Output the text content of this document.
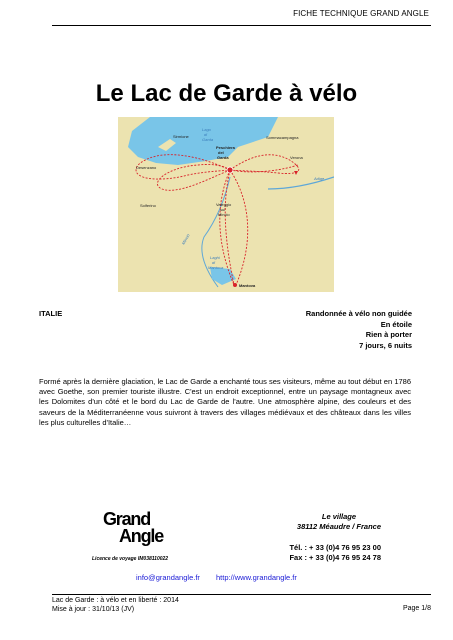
FICHE TECHNIQUE GRAND ANGLE
Le Lac de Garde à vélo
Sirmione
Lago
di
Garda
Peschiera
del
Garda
Desenzano
Sommacampagna
Verona
Adige
Solferino	Valeggio
sul
Mincio
Mincio
Laghi
di
Mantova
Mantova
ITALIE	Randonnée à vélo non guidée
En étoile
Rien à porter
7 jours, 6 nuits

Formé après la dernière glaciation, le Lac de Garde a enchanté tous ses visiteurs, même au tout début en 1786 avec Goethe, son premier touriste illustre. C'est un endroit exceptionnel, entre un paysage montagneux avec les Dolomites d'un côté et le bord du Lac de Garde de l'autre. Une atmosphère alpine, des couleurs et des saveurs de la Méditerranéenne vous suivront à travers des villages médiévaux et des châteaux dans les villes les plus culturelles d'Italie…

Grand
Angle
Licence de voyage IM038110022
Le village
38112 Méaudre / France
Tél. : + 33 (0)4 76 95 23 00
Fax : + 33 (0)4 76 95 24 78
info@grandangle.fr http://www.grandangle.fr
Lac de Garde : à vélo et en liberté : 2014
Mise à jour : 31/10/13 (JV)	Page 1/8
